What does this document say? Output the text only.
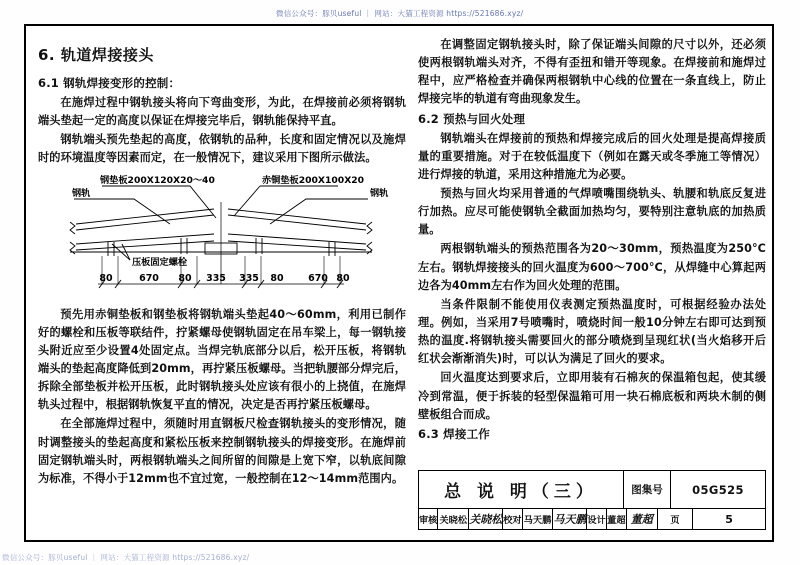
微信公众号：豚贝useful ｜ 网站：大猫工程资源 https://521686.xyz/
6. 轨道焊接接头
6.1 钢轨焊接变形的控制：

在施焊过程中钢轨接头将向下弯曲变形，为此，在焊接前必须将钢轨端头垫起一定的高度以保证在焊接完毕后，钢轨能保持平直。

钢轨端头预先垫起的高度，依钢轨的品种，长度和固定情况以及施焊时的环境温度等因素而定，在一般情况下，建议采用下图所示做法。

钢垫板200X120X20～40	赤铜垫板200X100X20
钢轨	钢轨
压板固定螺栓
80	670 80 335 335 80	670 80

预先用赤铜垫板和钢垫板将钢轨端头垫起40～60mm，利用已制作好的螺栓和压板等联结件，拧紧螺母使钢轨固定在吊车梁上，每一钢轨接头附近应至少设置4处固定点。当焊完轨底部分以后，松开压板，将钢轨端头的垫起高度降低到20mm，再拧紧压板螺母。当把轨腰部分焊完后，拆除全部垫板并松开压板，此时钢轨接头处应该有很小的上挠值，在施焊轨头过程中，根据钢轨恢复平直的情况，决定是否再拧紧压板螺母。

在全部施焊过程中，须随时用直钢板尺检查钢轨接头的变形情况，随时调整接头的垫起高度和紧松压板来控制钢轨接头的焊接变形。在施焊前固定钢轨端头时，两根钢轨端头之间所留的间隙是上宽下窄，以轨底间隙为标准，不得小于12mm也不宜过宽，一般控制在12～14mm范围内。

在调整固定钢轨接头时，除了保证端头间隙的尺寸以外，还必须使两根钢轨端头对齐，不得有歪扭和错开等现象。在焊接前和施焊过程中，应严格检查并确保两根钢轨中心线的位置在一条直线上，防止焊接完毕的轨道有弯曲现象发生。

6.2 预热与回火处理

钢轨端头在焊接前的预热和焊接完成后的回火处理是提高焊接质量的重要措施。对于在较低温度下（例如在露天或冬季施工等情况）进行焊接的轨道，采用这种措施尤为必要。

预热与回火均采用普通的气焊喷嘴围绕轨头、轨腰和轨底反复进行加热。应尽可能使钢轨全截面加热均匀，要特别注意轨底的加热质量。

两根钢轨端头的预热范围各为20～30mm，预热温度为250°C左右。钢轨焊接接头的回火温度为600～700°C，从焊缝中心算起两边各为40mm左右作为回火处理的范围。

当条件限制不能使用仪表测定预热温度时，可根据经验办法处理。例如，当采用7号喷嘴时，喷烧时间一般10分钟左右即可达到预热的温度.将钢轨接头需要回火的部分喷烧到呈现红状(当火焰移开后红状会渐渐消失)时，可以认为满足了回火的要求。

回火温度达到要求后，立即用装有石棉灰的保温箱包起，使其缓冷到常温，便于拆装的轻型保温箱可用一块石棉底板和两块木制的侧壁板组合而成。

6.3 焊接工作
总 说 明（三）	图集号	05G525
审核 关晓松 关晓松 校对 马天鹏 马天鹏 设计 董超 董超	页	5
微信公众号：豚贝useful ｜ 网站：大猫工程资源 https://521686.xyz/
